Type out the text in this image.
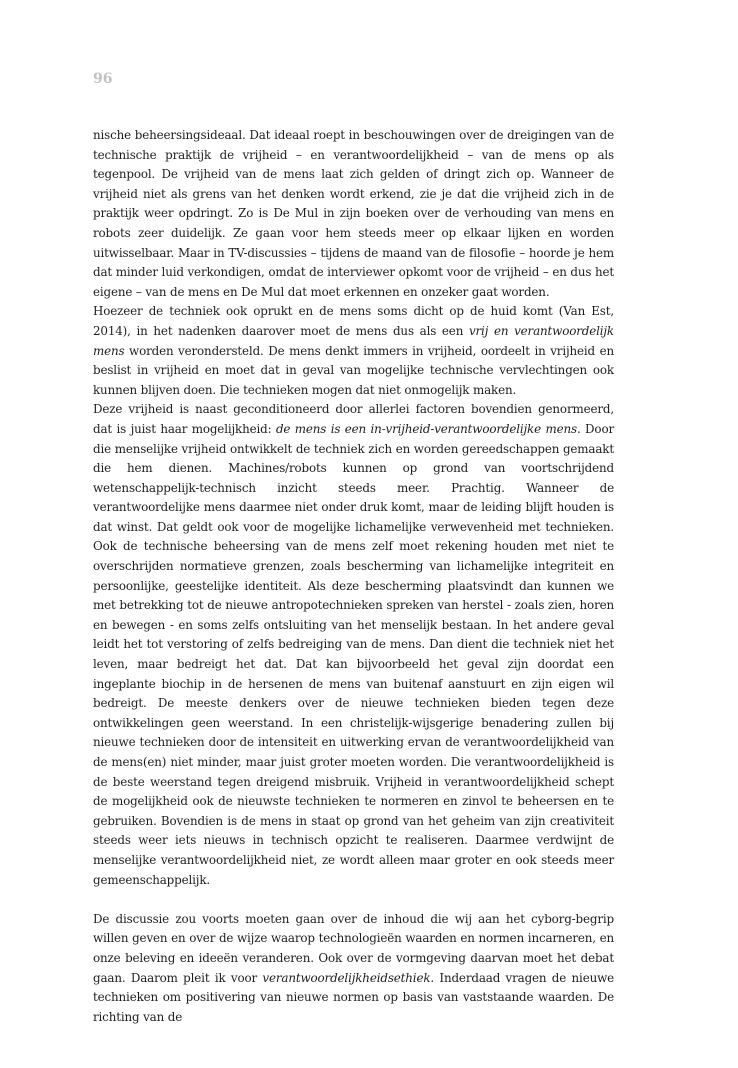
96

nische beheersingsideaal. Dat ideaal roept in beschouwingen over de dreigingen van de technische praktijk de vrijheid – en verantwoordelijkheid – van de mens op als tegenpool. De vrijheid van de mens laat zich gelden of dringt zich op. Wanneer de vrijheid niet als grens van het denken wordt erkend, zie je dat die vrijheid zich in de praktijk weer opdringt. Zo is De Mul in zijn boeken over de verhouding van mens en robots zeer duidelijk. Ze gaan voor hem steeds meer op elkaar lijken en worden uitwisselbaar. Maar in TV-discussies – tijdens de maand van de filosofie – hoorde je hem dat minder luid verkondigen, omdat de interviewer opkomt voor de vrijheid – en dus het eigene – van de mens en De Mul dat moet erkennen en onzeker gaat worden.

Hoezeer de techniek ook oprukt en de mens soms dicht op de huid komt (Van Est, 2014), in het nadenken daarover moet de mens dus als een vrij en verantwoordelijk mens worden verondersteld. De mens denkt immers in vrijheid, oordeelt in vrijheid en beslist in vrijheid en moet dat in geval van mogelijke technische vervlechtingen ook kunnen blijven doen. Die technieken mogen dat niet onmogelijk maken.

Deze vrijheid is naast geconditioneerd door allerlei factoren bovendien genormeerd, dat is juist haar mogelijkheid: de mens is een in-vrijheid-verantwoordelijke mens. Door die menselijke vrijheid ontwikkelt de techniek zich en worden gereedschappen gemaakt die hem dienen. Machines/robots kunnen op grond van voortschrijdend wetenschappelijk-technisch inzicht steeds meer. Prachtig. Wanneer de verantwoordelijke mens daarmee niet onder druk komt, maar de leiding blijft houden is dat winst. Dat geldt ook voor de mogelijke lichamelijke verwevenheid met technieken. Ook de technische beheersing van de mens zelf moet rekening houden met niet te overschrijden normatieve grenzen, zoals bescherming van lichamelijke integriteit en persoonlijke, geestelijke identiteit. Als deze bescherming plaatsvindt dan kunnen we met betrekking tot de nieuwe antropotechnieken spreken van herstel - zoals zien, horen en bewegen - en soms zelfs ontsluiting van het menselijk bestaan. In het andere geval leidt het tot verstoring of zelfs bedreiging van de mens. Dan dient die techniek niet het leven, maar bedreigt het dat. Dat kan bijvoorbeeld het geval zijn doordat een ingeplante biochip in de hersenen de mens van buitenaf aanstuurt en zijn eigen wil bedreigt. De meeste denkers over de nieuwe technieken bieden tegen deze ontwikkelingen geen weerstand. In een christelijk-wijsgerige benadering zullen bij nieuwe technieken door de intensiteit en uitwerking ervan de verantwoordelijkheid van de mens(en) niet minder, maar juist groter moeten worden. Die verantwoordelijkheid is de beste weerstand tegen dreigend misbruik. Vrijheid in verantwoordelijkheid schept de mogelijkheid ook de nieuwste technieken te normeren en zinvol te beheersen en te gebruiken. Bovendien is de mens in staat op grond van het geheim van zijn creativiteit steeds weer iets nieuws in technisch opzicht te realiseren. Daarmee verdwijnt de menselijke verantwoordelijkheid niet, ze wordt alleen maar groter en ook steeds meer gemeenschappelijk.

De discussie zou voorts moeten gaan over de inhoud die wij aan het cyborg-begrip willen geven en over de wijze waarop technologieën waarden en normen incarneren, en onze beleving en ideeën veranderen. Ook over de vormgeving daarvan moet het debat gaan. Daarom pleit ik voor verantwoordelijkheidsethiek. Inderdaad vragen de nieuwe technieken om positivering van nieuwe normen op basis van vaststaande waarden. De richting van de
